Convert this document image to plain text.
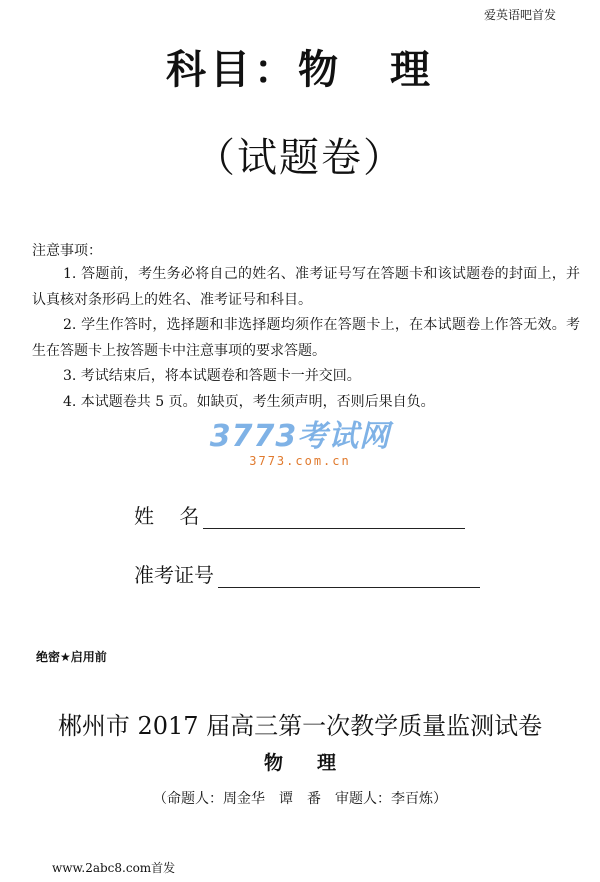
爱英语吧首发
科目：物 理
（试题卷）
注意事项：
1. 答题前，考生务必将自己的姓名、准考证号写在答题卡和该试题卷的封面上，并认真核对条形码上的姓名、准考证号和科目。
2. 学生作答时，选择题和非选择题均须作在答题卡上，在本试题卷上作答无效。考生在答题卡上按答题卡中注意事项的要求答题。
3. 考试结束后，将本试题卷和答题卡一并交回。
4. 本试题卷共 5 页。如缺页，考生须声明，否则后果自负。
3773考试网
3773.com.cn
姓    名
准考证号
绝密★启用前
郴州市 2017 届高三第一次教学质量监测试卷
物 理
（命题人：周金华　谭　番　审题人：李百炼）
www.2abc8.com首发
